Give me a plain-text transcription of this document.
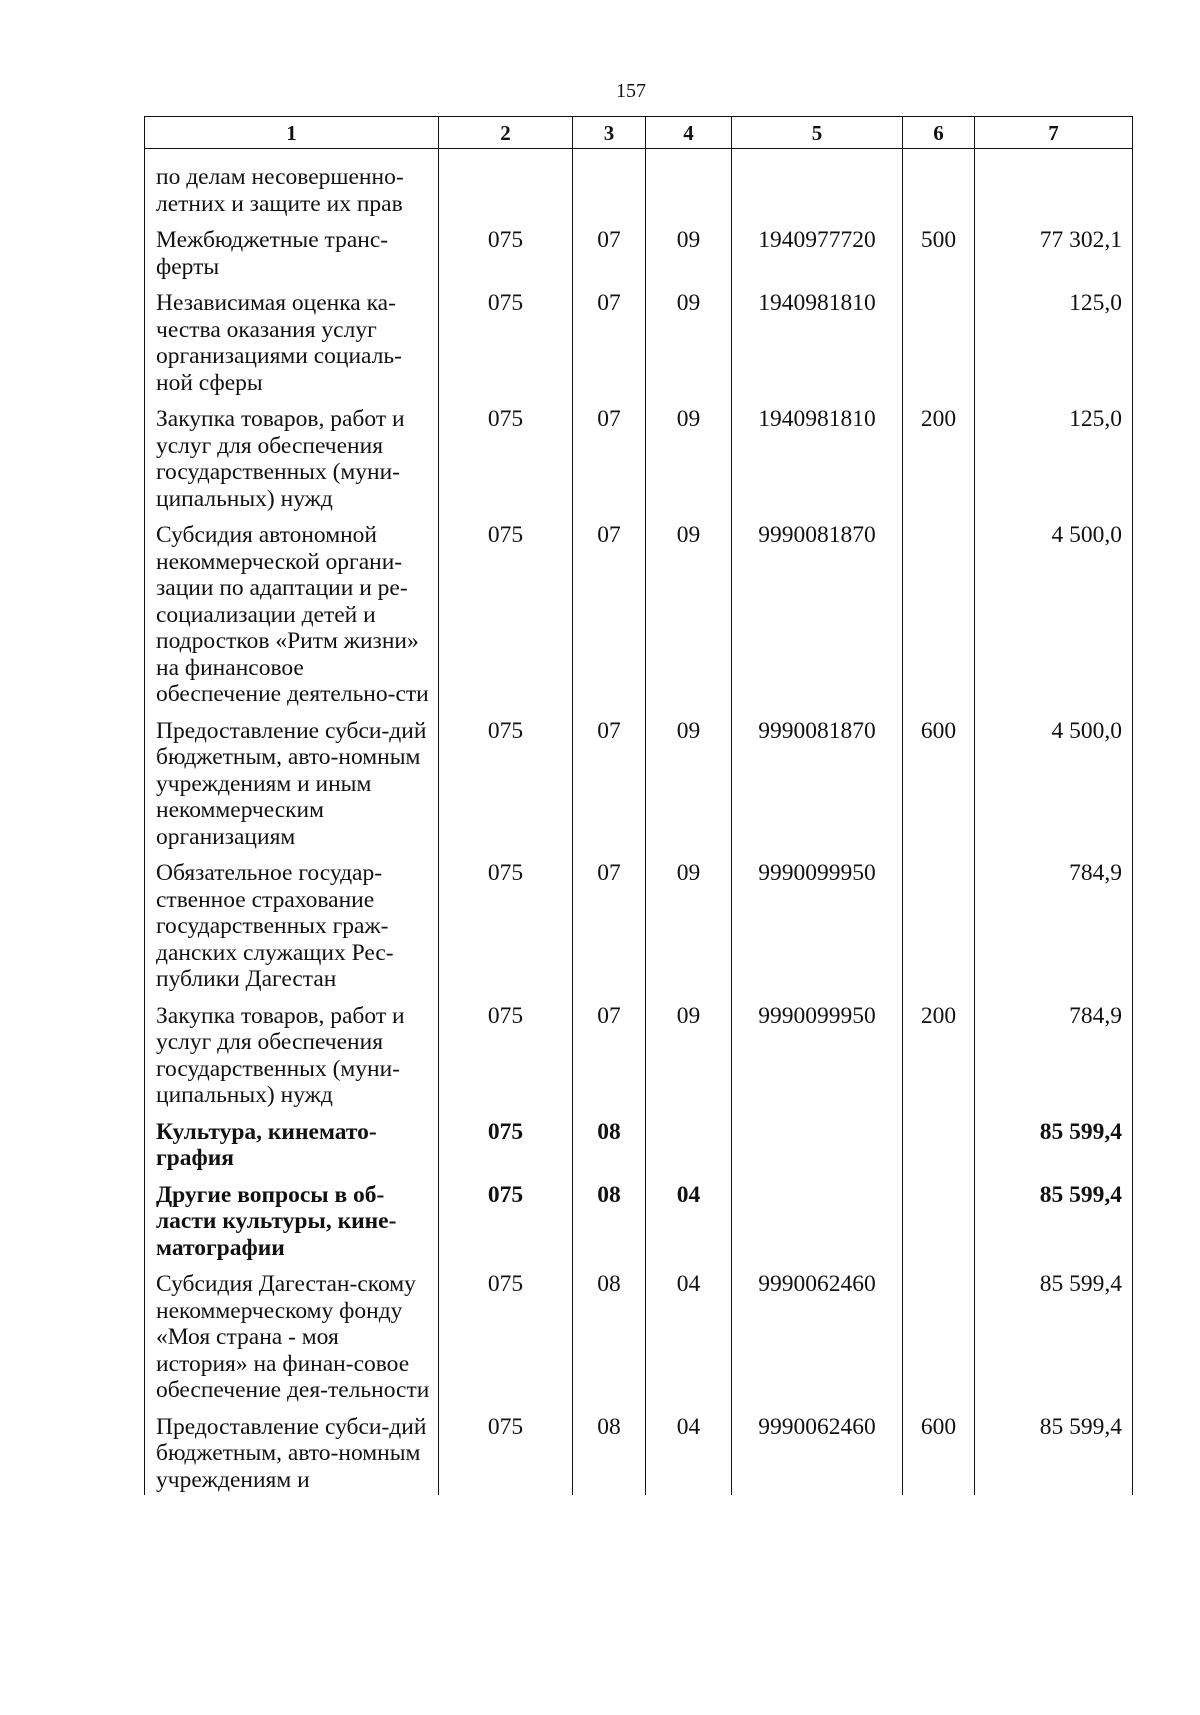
157
1	2	3	4	5	6	7

по делам несовершенно-летних и защите их прав						
Межбюджетные транс-ферты	075	07	09	1940977720	500	77 302,1
Независимая оценка ка-чества оказания услуг организациями социаль-ной сферы	075	07	09	1940981810		125,0
Закупка товаров, работ и услуг для обеспечения государственных (муни-ципальных) нужд	075	07	09	1940981810	200	125,0
Субсидия автономной некоммерческой органи-зации по адаптации и ре-социализации детей и подростков «Ритм жизни» на финансовое обеспечение деятельно-сти	075	07	09	9990081870		4 500,0
Предоставление субси-дий бюджетным, авто-номным учреждениям и иным некоммерческим организациям	075	07	09	9990081870	600	4 500,0
Обязательное государ-ственное страхование государственных граж-данских служащих Рес-публики Дагестан	075	07	09	9990099950		784,9
Закупка товаров, работ и услуг для обеспечения государственных (муни-ципальных) нужд	075	07	09	9990099950	200	784,9
Культура, кинемато-графия	075	08				85 599,4
Другие вопросы в об-ласти культуры, кине-матографии	075	08	04			85 599,4
Субсидия Дагестан-скому некоммерческому фонду «Моя страна - моя история» на финан-совое обеспечение дея-тельности	075	08	04	9990062460		85 599,4
Предоставление субси-дий бюджетным, авто-номным учреждениям и	075	08	04	9990062460	600	85 599,4
